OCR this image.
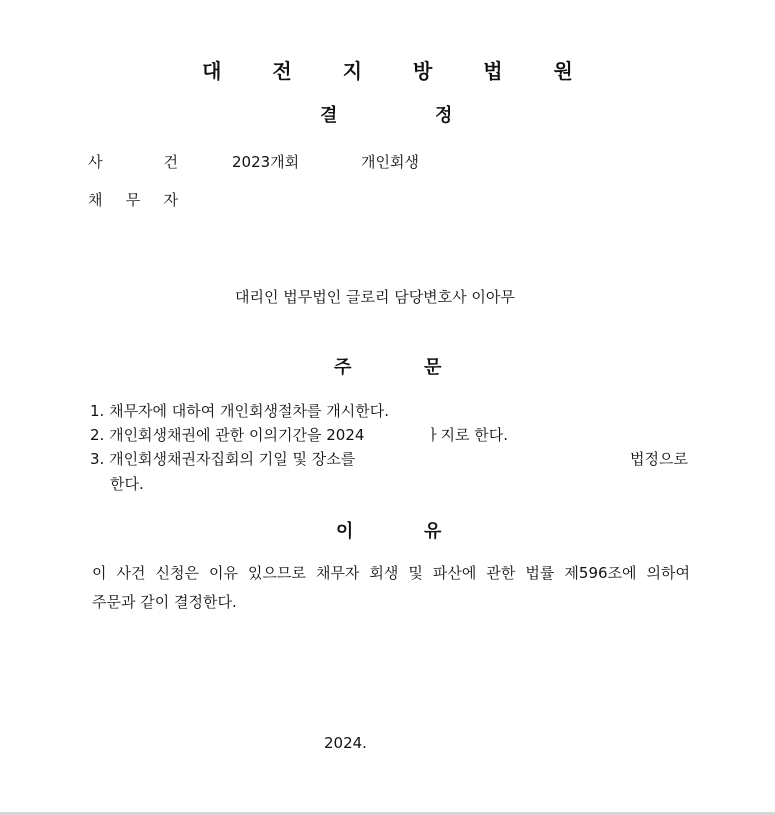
대 전 지 방 법 원
결	정
사 건	2023개회	개인회생
채 무 자
대리인 법무법인 글로리 담당변호사 이아무
주	문
1. 채무자에 대하여 개인회생절차를 개시한다.
2. 개인회생채권에 관한 이의기간을 2024	ㅏ지로 한다.
3. 개인회생채권자집회의 기일 및 장소를	법정으로
한다.
이	유
이 사건 신청은 이유 있으므로 채무자 회생 및 파산에 관한 법률 제596조에 의하여
주문과 같이 결정한다.
2024.
